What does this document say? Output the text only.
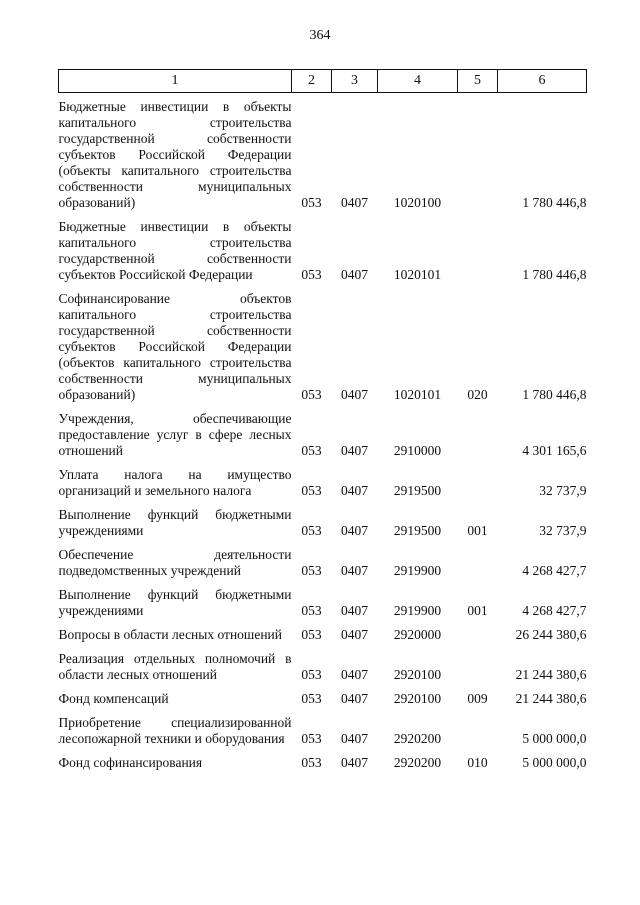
364
1	2	3	4	5	6

Бюджетные инвестиции в объекты капитального строительства государственной собственности субъектов Российской Федерации (объекты капитального строительства собственности муниципальных образований)	053	0407	1020100		1 780 446,8

Бюджетные инвестиции в объекты капитального строительства государственной собственности субъектов Российской Федерации	053	0407	1020101		1 780 446,8

Софинансирование объектов капитального строительства государственной собственности субъектов Российской Федерации (объектов капитального строительства собственности муниципальных образований)	053	0407	1020101	020	1 780 446,8

Учреждения, обеспечивающие предоставление услуг в сфере лесных отношений	053	0407	2910000		4 301 165,6

Уплата налога на имущество организаций и земельного налога	053	0407	2919500		32 737,9

Выполнение функций бюджетными учреждениями	053	0407	2919500	001	32 737,9

Обеспечение деятельности подведомственных учреждений	053	0407	2919900		4 268 427,7

Выполнение функций бюджетными учреждениями	053	0407	2919900	001	4 268 427,7

Вопросы в области лесных отношений	053	0407	2920000		26 244 380,6

Реализация отдельных полномочий в области лесных отношений	053	0407	2920100		21 244 380,6

Фонд компенсаций	053	0407	2920100	009	21 244 380,6

Приобретение специализированной лесопожарной техники и оборудования	053	0407	2920200		5 000 000,0

Фонд софинансирования	053	0407	2920200	010	5 000 000,0
